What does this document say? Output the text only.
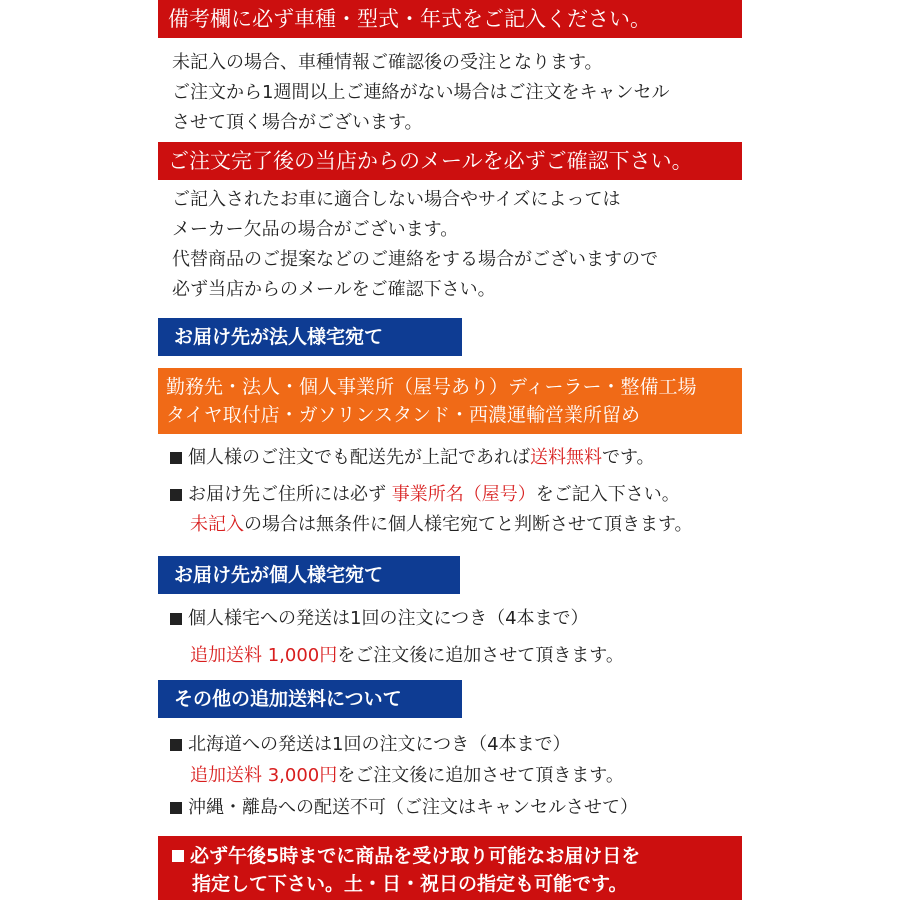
備考欄に必ず車種・型式・年式をご記入ください。
未記入の場合、車種情報ご確認後の受注となります。
ご注文から1週間以上ご連絡がない場合はご注文をキャンセル
させて頂く場合がございます。
ご注文完了後の当店からのメールを必ずご確認下さい。
ご記入されたお車に適合しない場合やサイズによっては
メーカー欠品の場合がございます。
代替商品のご提案などのご連絡をする場合がございますので
必ず当店からのメールをご確認下さい。
お届け先が法人様宅宛て
勤務先・法人・個人事業所（屋号あり）ディーラー・整備工場
タイヤ取付店・ガソリンスタンド・西濃運輸営業所留め
個人様のご注文でも配送先が上記であれば送料無料です。
お届け先ご住所には必ず 事業所名（屋号）をご記入下さい。
未記入の場合は無条件に個人様宅宛てと判断させて頂きます。
お届け先が個人様宅宛て
個人様宅への発送は1回の注文につき（4本まで）
追加送料 1,000円をご注文後に追加させて頂きます。
その他の追加送料について
北海道への発送は1回の注文につき（4本まで）
追加送料 3,000円をご注文後に追加させて頂きます。
沖縄・離島への配送不可（ご注文はキャンセルさせて）
必ず午後5時までに商品を受け取り可能なお届け日を
指定して下さい。土・日・祝日の指定も可能です。
